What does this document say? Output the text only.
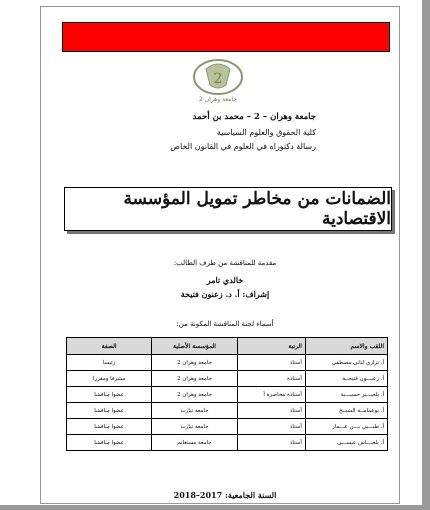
2
جامعة وهران 2
جامعة وهران – 2 – محمد بن أحمد
كلية الحقوق والعلوم السياسية
رسالة دكتوراه في العلوم في القانون الخاص
الضمانات من مخاطر تمويل المؤسسة الاقتصادية
مقدمة للمناقشة من طرف الطالب:
خالدي تامر
إشراف: أ. د. زعنون فتيحة
أسماء لجنة المناقشة المكونة من:
اللقب والاسم	الرتبة	المؤسسة الأصلية	الصفة
أ. تزاري لتاني مصطفى	أستاذ	جامعة وهران 2	رئيسا
أ. زعنـــون فتيحــة	أستاذة	جامعة وهران 2	مشرفا ومقررا
أ. بلعيـــبر حسيـــبة	أستاذة محاضرة أ	جامعة وهران 2	عضوا مناقشا
أ. بوعمامــة الشيــخ	أستاذ	جامعة تيارت	عضوا مناقشا
أ. طيـــبي بـــن عـــمار	أستاذ	جامعة تيارت	عضوا مناقشا
أ. بلعبـــاس عيســـى	أستاذ	جامعة مستغانم	عضوا مناقشا
السنة الجامعية: 2017–2018
